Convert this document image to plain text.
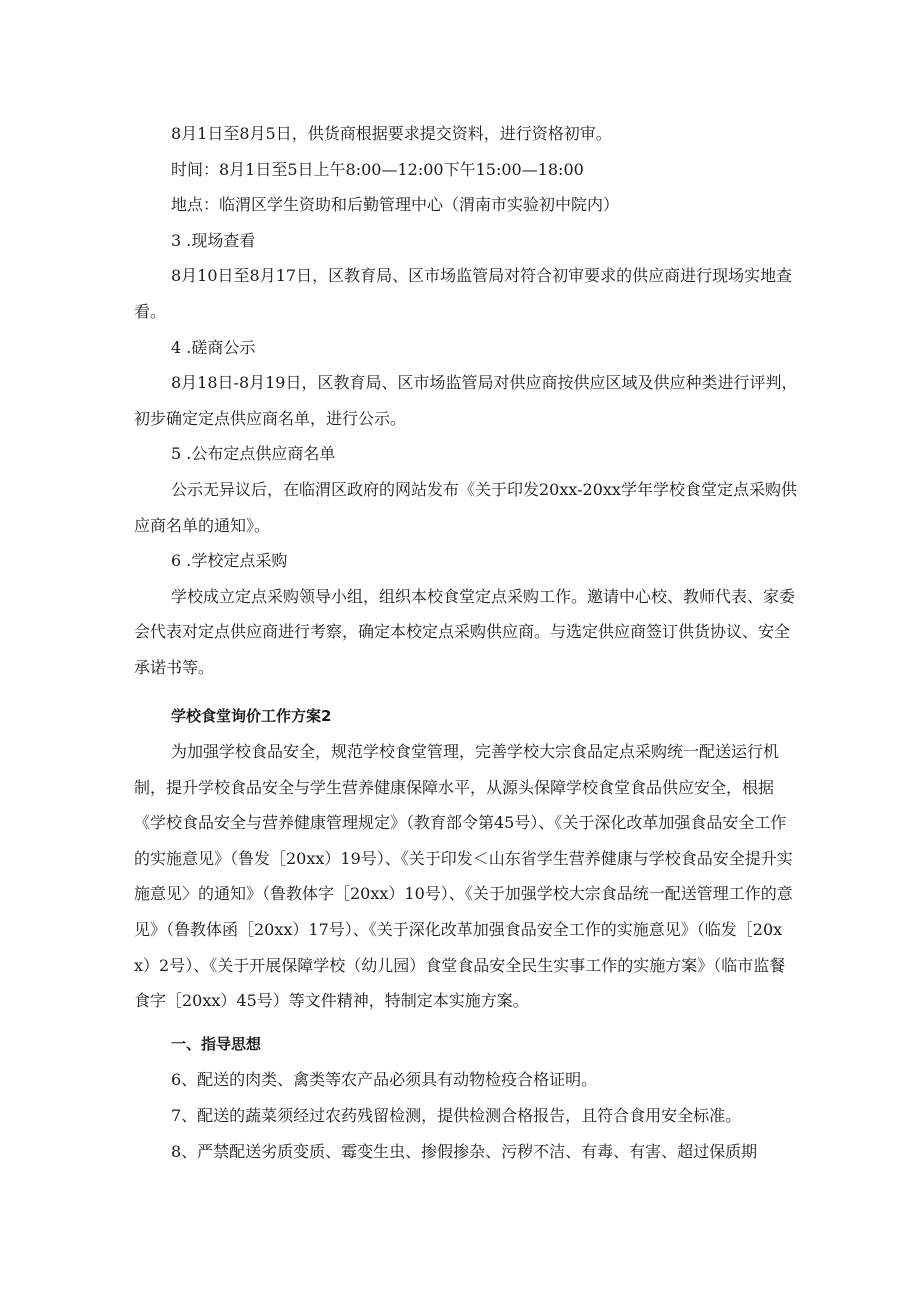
8月1日至8月5日，供货商根据要求提交资料，进行资格初审。

时间：8月1日至5日上午8:00—12:00下午15:00—18:00

地点：临渭区学生资助和后勤管理中心（渭南市实验初中院内）

3 .现场查看

8月10日至8月17日，区教育局、区市场监管局对符合初审要求的供应商进行现场实地查看。

4 .磋商公示

8月18日-8月19日，区教育局、区市场监管局对供应商按供应区域及供应种类进行评判，初步确定定点供应商名单，进行公示。

5 .公布定点供应商名单

公示无异议后，在临渭区政府的网站发布《关于印发20xx-20xx学年学校食堂定点采购供应商名单的通知》。

6 .学校定点采购

学校成立定点采购领导小组，组织本校食堂定点采购工作。邀请中心校、教师代表、家委会代表对定点供应商进行考察，确定本校定点采购供应商。与选定供应商签订供货协议、安全承诺书等。

学校食堂询价工作方案2

为加强学校食品安全，规范学校食堂管理，完善学校大宗食品定点采购统一配送运行机制，提升学校食品安全与学生营养健康保障水平，从源头保障学校食堂食品供应安全，根据《学校食品安全与营养健康管理规定》（教育部令第45号）、《关于深化改革加强食品安全工作的实施意见》（鲁发［20xx）19号）、《关于印发＜山东省学生营养健康与学校食品安全提升实施意见〉的通知》（鲁教体字［20xx）10号）、《关于加强学校大宗食品统一配送管理工作的意见》（鲁教体函［20xx）17号）、《关于深化改革加强食品安全工作的实施意见》（临发［20xx）2号）、《关于开展保障学校（幼儿园）食堂食品安全民生实事工作的实施方案》（临市监餐食字［20xx）45号）等文件精神，特制定本实施方案。

一、指导思想

6、配送的肉类、禽类等农产品必须具有动物检疫合格证明。

7、配送的蔬菜须经过农药残留检测，提供检测合格报告，且符合食用安全标准。

8、严禁配送劣质变质、霉变生虫、掺假掺杂、污秽不洁、有毒、有害、超过保质期
